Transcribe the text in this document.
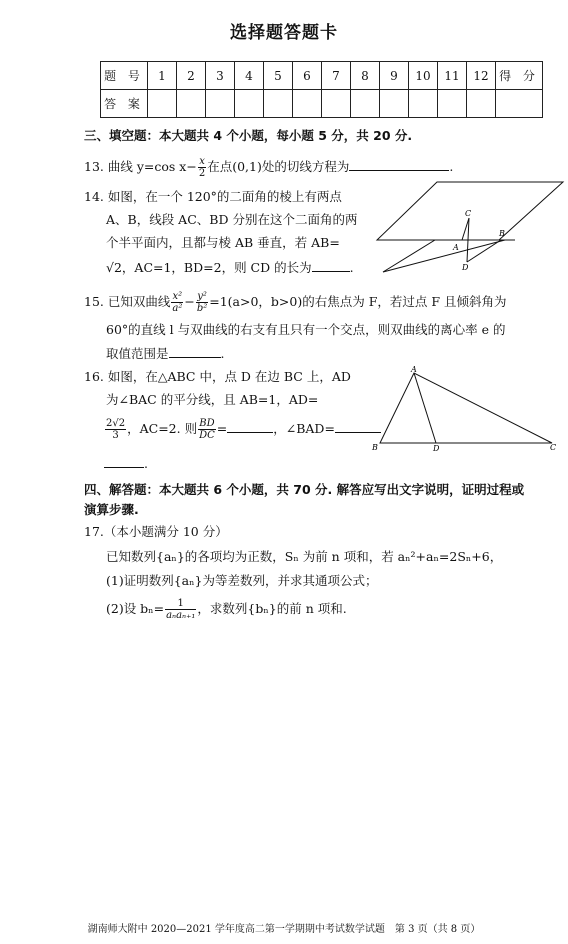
选择题答题卡
题 号	1	2	3	4	5	6	7	8	9	10	11	12	得 分
答 案													
三、填空题：本大题共 4 个小题，每小题 5 分，共 20 分.
13. 曲线 y=cos $x- \frac{x}{2}$ 在点(0,1)处的切线方程为	.
14. 如图，在一个 120°的二面角的棱上有两点
A、B，线段 AC、BD 分别在这个二面角的两
个半平面内，且都与棱 AB 垂直，若 AB=
√2，AC=1，BD=2，则 CD 的长为	.
C
A
B
D
15. 已知双曲线 $\frac{\text{x²}}{\text{a²}} - \frac{\text{y²}}{\text{b²}} =1(a>0$，b>0)的右焦点为 F，若过点 F 且倾斜角为
60°的直线 l 与双曲线的右支有且只有一个交点，则双曲线的离心率 e 的
取值范围是	.
16. 如图，在△ABC 中，点 D 在边 BC 上，AD
为∠BAC 的平分线，且 AB=1，AD=
$\frac{2√2}{3}$ ，AC=2. 则 $\frac{BD}{DC}$ =	，∠BAD=
.
A
B	D	C
四、解答题：本大题共 6 个小题，共 70 分. 解答应写出文字说明，证明过程或
演算步骤.
17.（本小题满分 10 分）
已知数列{aₙ}的各项均为正数，Sₙ 为前 n 项和，若 aₙ²+aₙ=2Sₙ+6，
(1)证明数列{aₙ}为等差数列，并求其通项公式；
(2)设 $b_n= \frac{1}{\text{aₙaₙ₊₁}}$ ，求数列{bₙ}的前 n 项和.
湖南师大附中 2020—2021 学年度高二第一学期期中考试数学试题　第 3 页（共 8 页）
